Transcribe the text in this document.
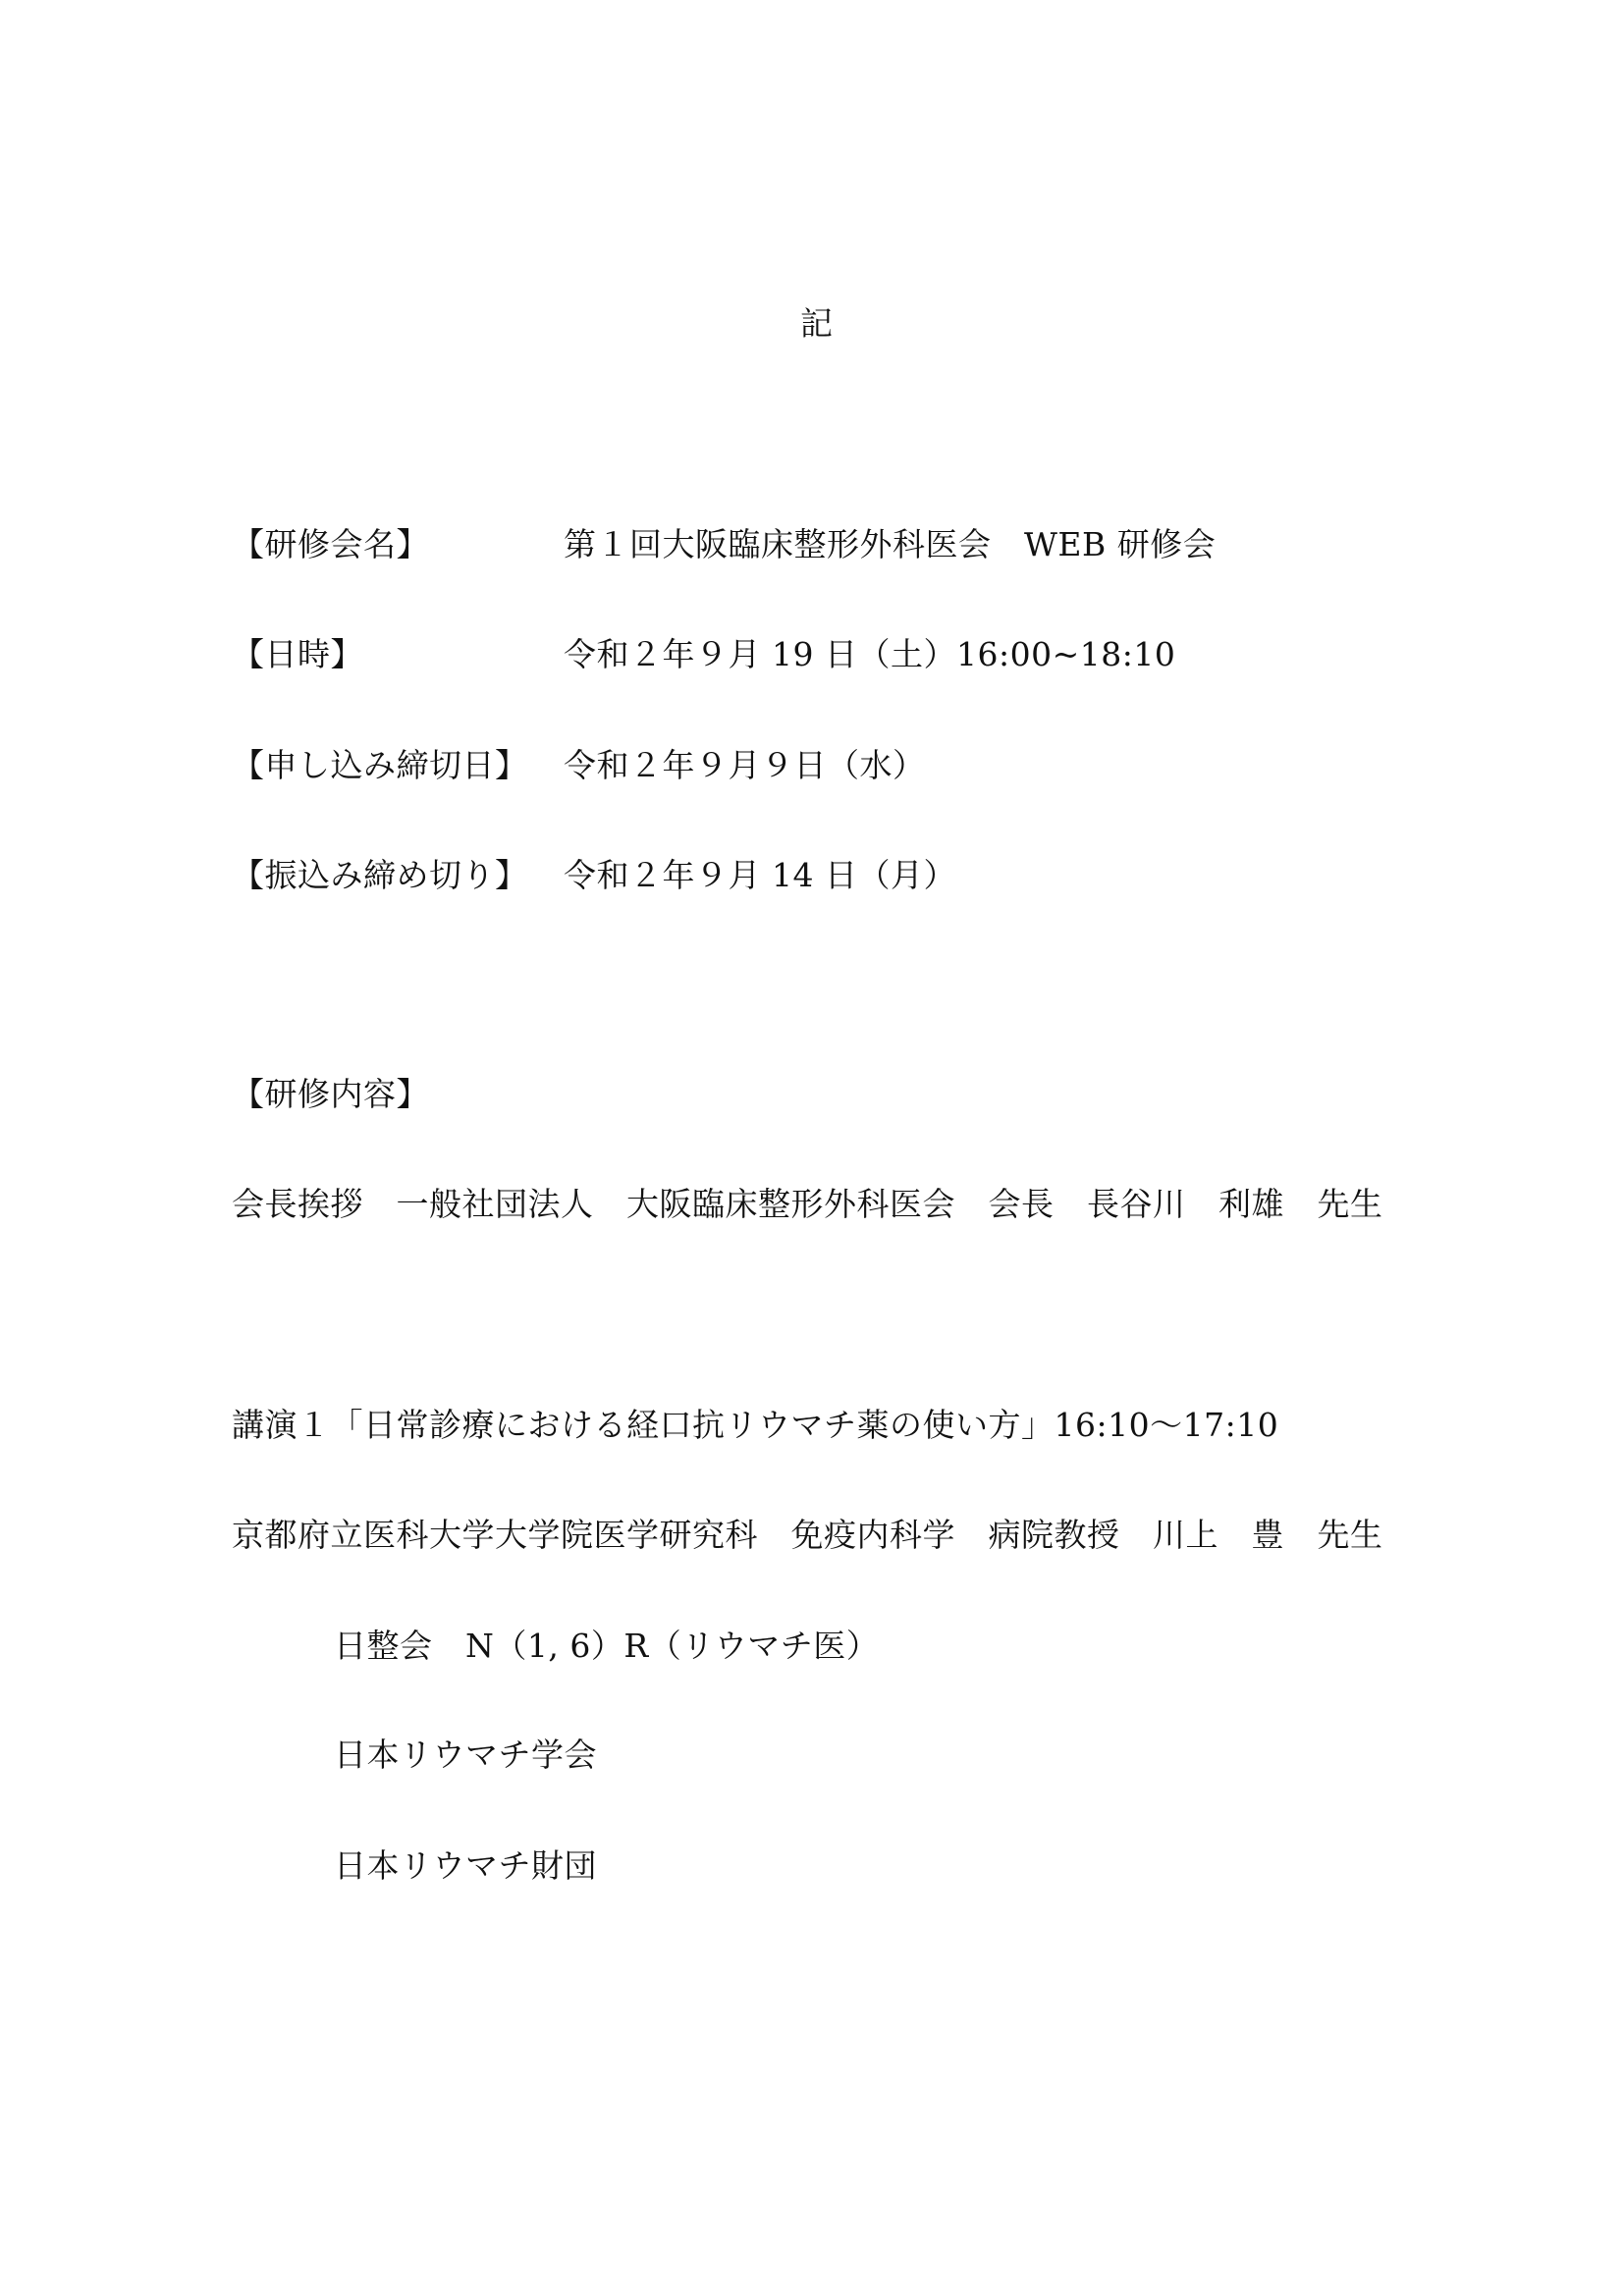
記
【研修会名】	第１回大阪臨床整形外科医会　WEB 研修会
【日時】	令和２年９月 19 日（土）16:00~18:10
【申し込み締切日】 令和２年９月９日（水）
【振込み締め切り】 令和２年９月 14 日（月）
【研修内容】
会長挨拶　一般社団法人　大阪臨床整形外科医会　会長　長谷川　利雄　先生
講演１「日常診療における経口抗リウマチ薬の使い方」16:10〜17:10
京都府立医科大学大学院医学研究科　免疫内科学　病院教授　川上　豊　先生
日整会　N（1, 6）R（リウマチ医）
日本リウマチ学会
日本リウマチ財団
